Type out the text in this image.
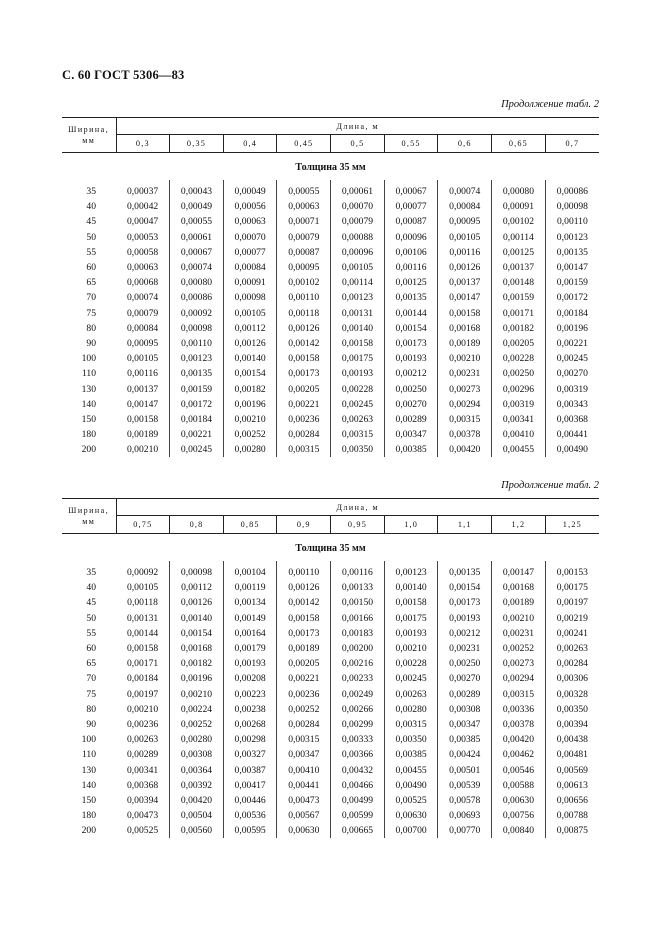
С. 60 ГОСТ 5306—83
Продолжение табл. 2
Ширина, мм	Длина, м								
	0,3	0,35	0,4	0,45	0,5	0,55	0,6	0,65	0,7
Толщина 35 мм									

35	0,00037	0,00043	0,00049	0,00055	0,00061	0,00067	0,00074	0,00080	0,00086
40	0,00042	0,00049	0,00056	0,00063	0,00070	0,00077	0,00084	0,00091	0,00098
45	0,00047	0,00055	0,00063	0,00071	0,00079	0,00087	0,00095	0,00102	0,00110
50	0,00053	0,00061	0,00070	0,00079	0,00088	0,00096	0,00105	0,00114	0,00123
55	0,00058	0,00067	0,00077	0,00087	0,00096	0,00106	0,00116	0,00125	0,00135
60	0,00063	0,00074	0,00084	0,00095	0,00105	0,00116	0,00126	0,00137	0,00147
65	0,00068	0,00080	0,00091	0,00102	0,00114	0,00125	0,00137	0,00148	0,00159
70	0,00074	0,00086	0,00098	0,00110	0,00123	0,00135	0,00147	0,00159	0,00172
75	0,00079	0,00092	0,00105	0,00118	0,00131	0,00144	0,00158	0,00171	0,00184
80	0,00084	0,00098	0,00112	0,00126	0,00140	0,00154	0,00168	0,00182	0,00196
90	0,00095	0,00110	0,00126	0,00142	0,00158	0,00173	0,00189	0,00205	0,00221
100	0,00105	0,00123	0,00140	0,00158	0,00175	0,00193	0,00210	0,00228	0,00245
110	0,00116	0,00135	0,00154	0,00173	0,00193	0,00212	0,00231	0,00250	0,00270
130	0,00137	0,00159	0,00182	0,00205	0,00228	0,00250	0,00273	0,00296	0,00319
140	0,00147	0,00172	0,00196	0,00221	0,00245	0,00270	0,00294	0,00319	0,00343
150	0,00158	0,00184	0,00210	0,00236	0,00263	0,00289	0,00315	0,00341	0,00368
180	0,00189	0,00221	0,00252	0,00284	0,00315	0,00347	0,00378	0,00410	0,00441
200	0,00210	0,00245	0,00280	0,00315	0,00350	0,00385	0,00420	0,00455	0,00490
Продолжение табл. 2
Ширина, мм	Длина, м								
	0,75	0,8	0,85	0,9	0,95	1,0	1,1	1,2	1,25
Толщина 35 мм									

35	0,00092	0,00098	0,00104	0,00110	0,00116	0,00123	0,00135	0,00147	0,00153
40	0,00105	0,00112	0,00119	0,00126	0,00133	0,00140	0,00154	0,00168	0,00175
45	0,00118	0,00126	0,00134	0,00142	0,00150	0,00158	0,00173	0,00189	0,00197
50	0,00131	0,00140	0,00149	0,00158	0,00166	0,00175	0,00193	0,00210	0,00219
55	0,00144	0,00154	0,00164	0,00173	0,00183	0,00193	0,00212	0,00231	0,00241
60	0,00158	0,00168	0,00179	0,00189	0,00200	0,00210	0,00231	0,00252	0,00263
65	0,00171	0,00182	0,00193	0,00205	0,00216	0,00228	0,00250	0,00273	0,00284
70	0,00184	0,00196	0,00208	0,00221	0,00233	0,00245	0,00270	0,00294	0,00306
75	0,00197	0,00210	0,00223	0,00236	0,00249	0,00263	0,00289	0,00315	0,00328
80	0,00210	0,00224	0,00238	0,00252	0,00266	0,00280	0,00308	0,00336	0,00350
90	0,00236	0,00252	0,00268	0,00284	0,00299	0,00315	0,00347	0,00378	0,00394
100	0,00263	0,00280	0,00298	0,00315	0,00333	0,00350	0,00385	0,00420	0,00438
110	0,00289	0,00308	0,00327	0,00347	0,00366	0,00385	0,00424	0,00462	0,00481
130	0,00341	0,00364	0,00387	0,00410	0,00432	0,00455	0,00501	0,00546	0,00569
140	0,00368	0,00392	0,00417	0,00441	0,00466	0,00490	0,00539	0,00588	0,00613
150	0,00394	0,00420	0,00446	0,00473	0,00499	0,00525	0,00578	0,00630	0,00656
180	0,00473	0,00504	0,00536	0,00567	0,00599	0,00630	0,00693	0,00756	0,00788
200	0,00525	0,00560	0,00595	0,00630	0,00665	0,00700	0,00770	0,00840	0,00875
